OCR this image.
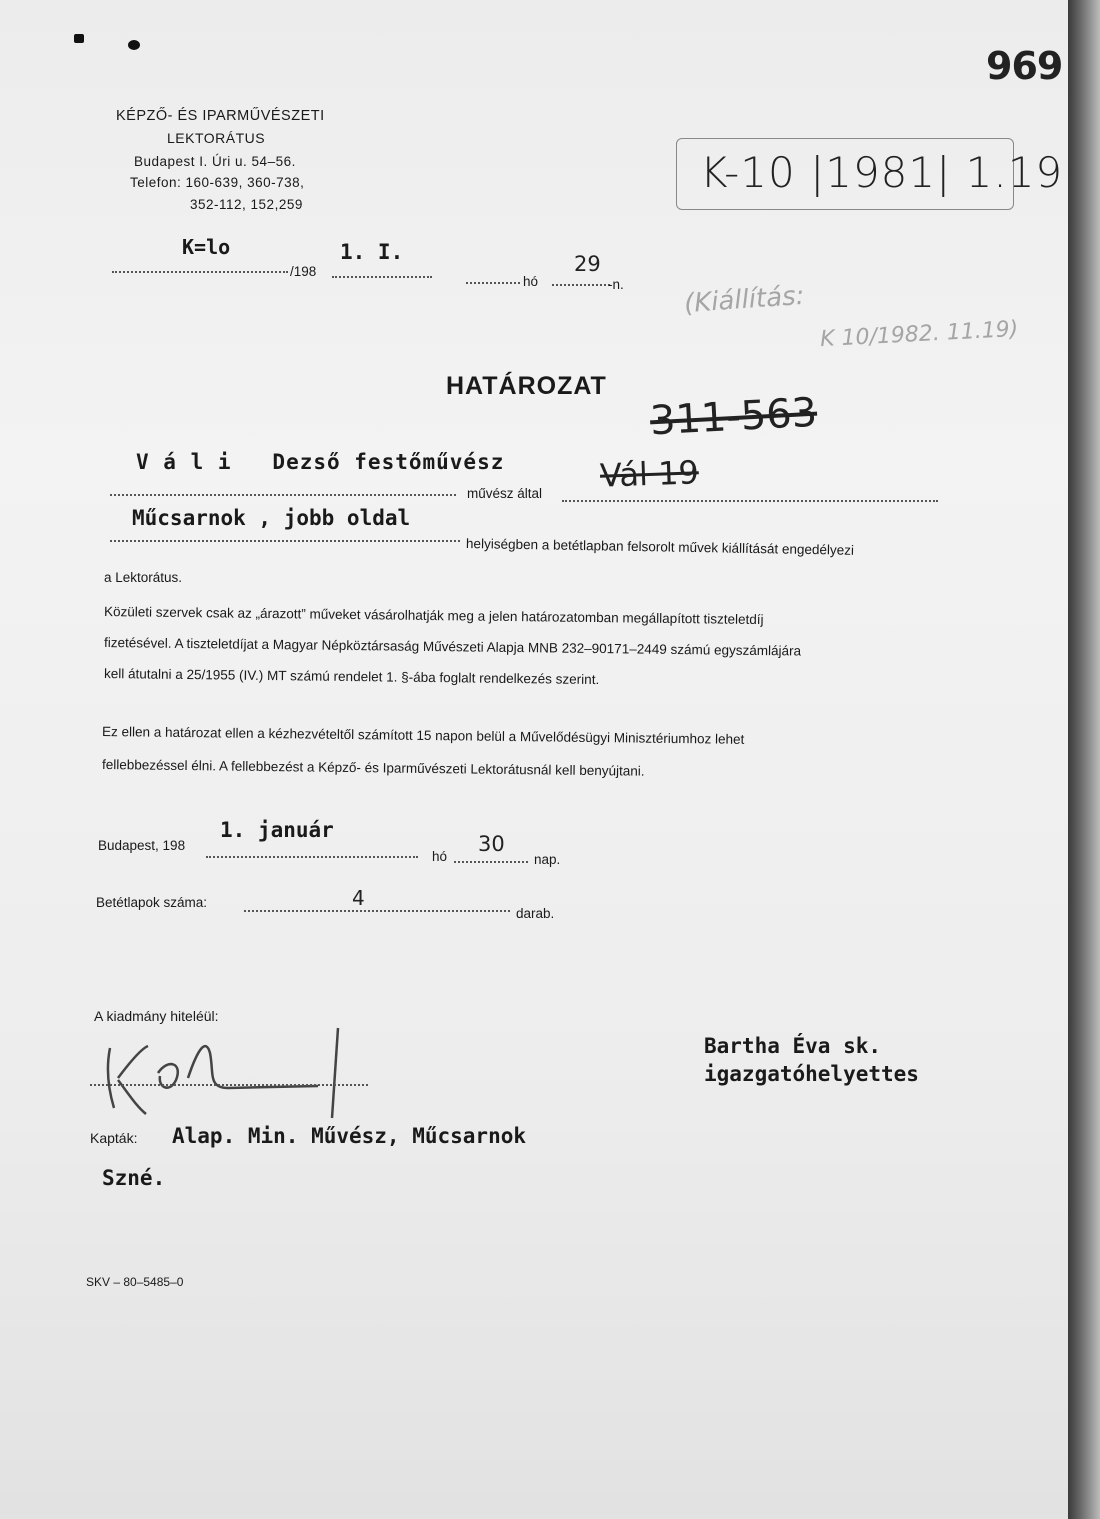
969
KÉPZŐ- ÉS IPARMŰVÉSZETI
LEKTORÁTUS
Budapest I. Úri u. 54–56.
Telefon: 160-639, 360-738,
352-112, 152,259
K-10 |1981| 1.19
K=lo
/198
1. I.
hó
29
-n. (Kiállítás:
K 10/1982. 11.19)
HATÁROZAT
311-563
V á l i   Dezső festőművész
művész által Vál 19
Műcsarnok , jobb oldal
helyiségben a betétlapban felsorolt művek kiállítását engedélyezi
a Lektorátus.
Közületi szervek csak az „árazott” műveket vásárolhatják meg a jelen határozatomban megállapított tiszteletdíj
fizetésével. A tiszteletdíjat a Magyar Népköztársaság Művészeti Alapja MNB 232–90171–2449 számú egyszámlájára
kell átutalni a 25/1955 (IV.) MT számú rendelet 1. §-ába foglalt rendelkezés szerint.
Ez ellen a határozat ellen a kézhezvételtől számított 15 napon belül a Művelődésügyi Minisztériumhoz lehet
fellebbezéssel élni. A fellebbezést a Képző- és Iparművészeti Lektorátusnál kell benyújtani.
Budapest, 198
1. január
hó
30
nap.
Betétlapok száma:	4
darab.
A kiadmány hiteléül:
Bartha Éva sk.
igazgatóhelyettes
Kapták: Alap. Min. Művész, Műcsarnok
Szné.
SKV – 80–5485–0
